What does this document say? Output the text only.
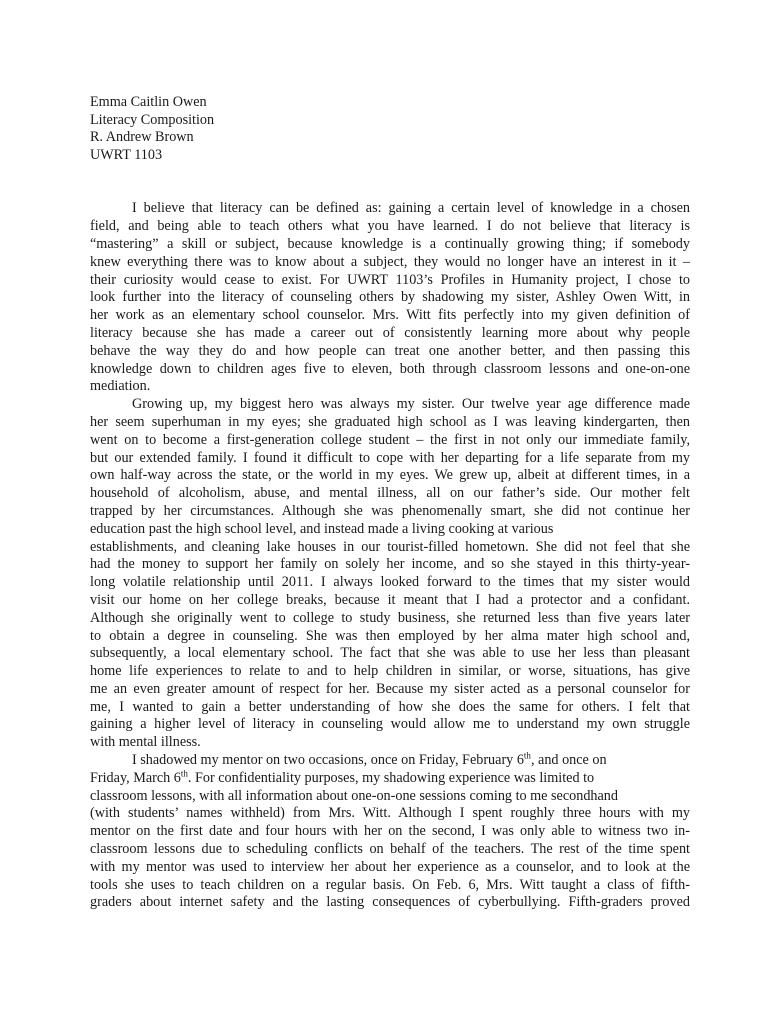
Emma Caitlin Owen
Literacy Composition
R. Andrew Brown
UWRT 1103
I believe that literacy can be defined as: gaining a certain level of knowledge in a chosen
field, and being able to teach others what you have learned. I do not believe that literacy is
“mastering” a skill or subject, because knowledge is a continually growing thing; if somebody
knew everything there was to know about a subject, they would no longer have an interest in it –
their curiosity would cease to exist. For UWRT 1103’s Profiles in Humanity project, I chose to
look further into the literacy of counseling others by shadowing my sister, Ashley Owen Witt, in
her work as an elementary school counselor. Mrs. Witt fits perfectly into my given definition of
literacy because she has made a career out of consistently learning more about why people
behave the way they do and how people can treat one another better, and then passing this
knowledge down to children ages five to eleven, both through classroom lessons and one-on-one
mediation.
Growing up, my biggest hero was always my sister. Our twelve year age difference made
her seem superhuman in my eyes; she graduated high school as I was leaving kindergarten, then
went on to become a first-generation college student – the first in not only our immediate family,
but our extended family. I found it difficult to cope with her departing for a life separate from my
own half-way across the state, or the world in my eyes. We grew up, albeit at different times, in a
household of alcoholism, abuse, and mental illness, all on our father’s side. Our mother felt
trapped by her circumstances. Although she was phenomenally smart, she did not continue her
education past the high school level, and instead made a living cooking at various
establishments, and cleaning lake houses in our tourist-filled hometown. She did not feel that she
had the money to support her family on solely her income, and so she stayed in this thirty-year-
long volatile relationship until 2011. I always looked forward to the times that my sister would
visit our home on her college breaks, because it meant that I had a protector and a confidant.
Although she originally went to college to study business, she returned less than five years later
to obtain a degree in counseling. She was then employed by her alma mater high school and,
subsequently, a local elementary school. The fact that she was able to use her less than pleasant
home life experiences to relate to and to help children in similar, or worse, situations, has give
me an even greater amount of respect for her. Because my sister acted as a personal counselor for
me, I wanted to gain a better understanding of how she does the same for others. I felt that
gaining a higher level of literacy in counseling would allow me to understand my own struggle
with mental illness.
I shadowed my mentor on two occasions, once on Friday, February 6th, and once on
Friday, March 6th. For confidentiality purposes, my shadowing experience was limited to
classroom lessons, with all information about one-on-one sessions coming to me secondhand
(with students’ names withheld) from Mrs. Witt. Although I spent roughly three hours with my
mentor on the first date and four hours with her on the second, I was only able to witness two in-
classroom lessons due to scheduling conflicts on behalf of the teachers. The rest of the time spent
with my mentor was used to interview her about her experience as a counselor, and to look at the
tools she uses to teach children on a regular basis. On Feb. 6, Mrs. Witt taught a class of fifth-
graders about internet safety and the lasting consequences of cyberbullying. Fifth-graders proved
